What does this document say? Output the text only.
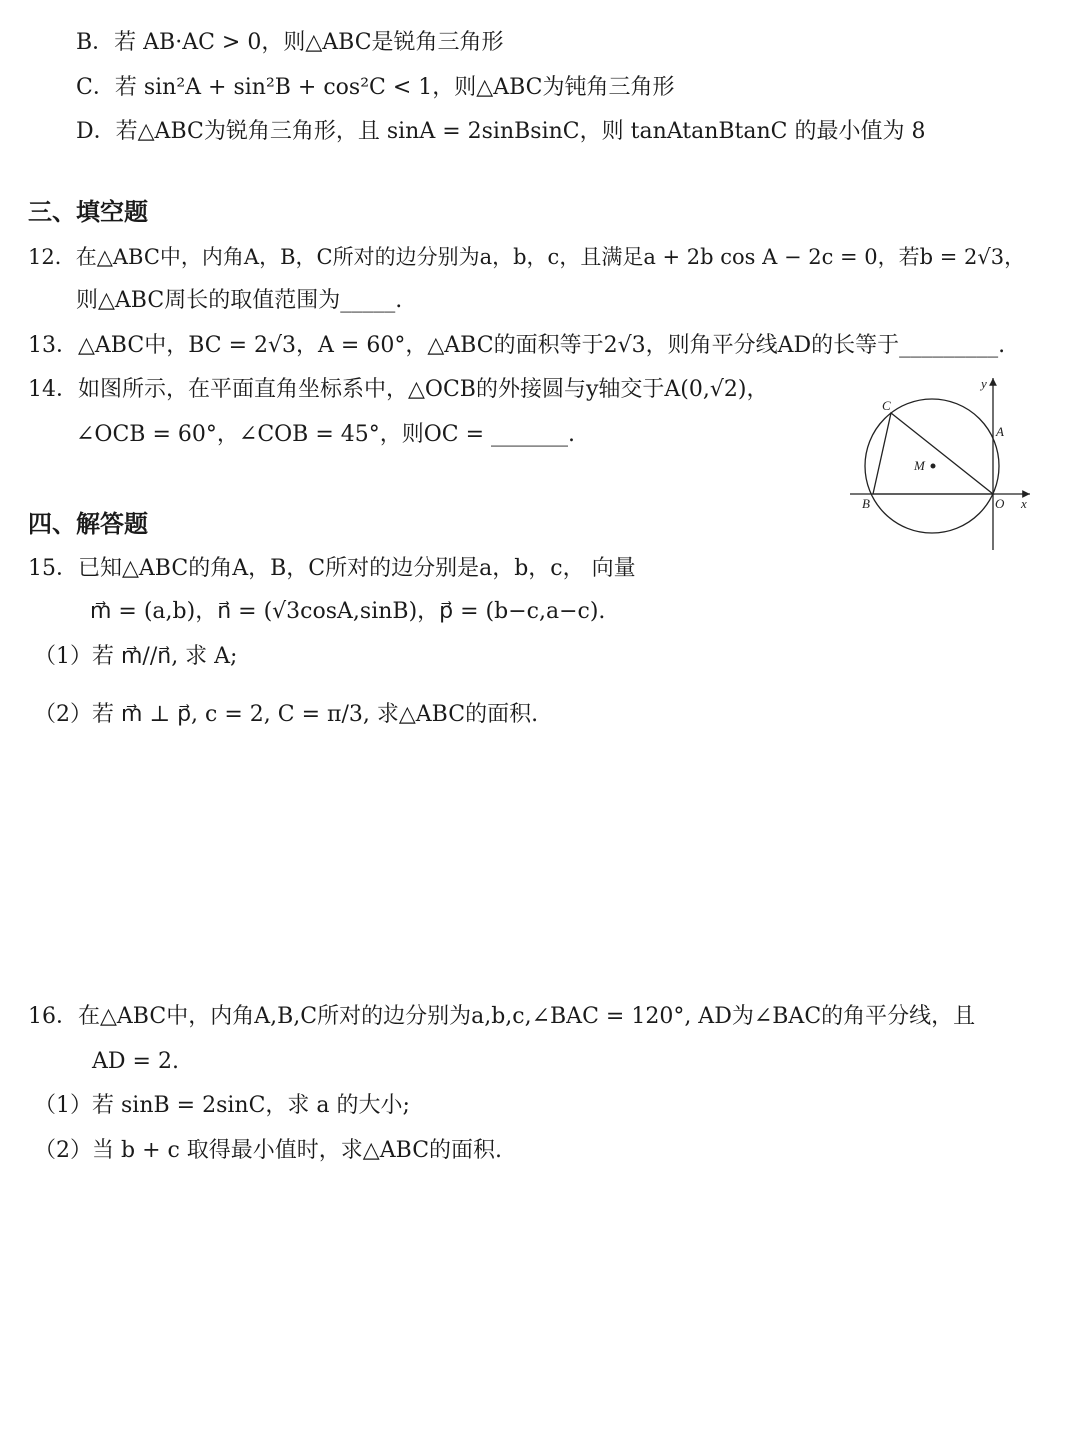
B．若 AB·AC > 0，则△ABC是锐角三角形
C．若 sin²A + sin²B + cos²C < 1，则△ABC为钝角三角形
D．若△ABC为锐角三角形，且 sinA = 2sinBsinC，则 tanAtanBtanC 的最小值为 8
三、填空题
12．在△ABC中，内角A，B，C所对的边分别为a，b，c，且满足a + 2b cos A − 2c = 0，若b = 2√3，
则△ABC周长的取值范围为_____.
13．△ABC中，BC = 2√3，A = 60°，△ABC的面积等于2√3，则角平分线AD的长等于_________.
14．如图所示，在平面直角坐标系中，△OCB的外接圆与y轴交于A(0,√2)，
∠OCB = 60°，∠COB = 45°，则OC = _______.
y
x
A
C
M
B	O
四、解答题
15．已知△ABC的角A，B，C所对的边分别是a，b，c， 向量
m⃗ = (a,b)，n⃗ = (√3cosA,sinB)，p⃗ = (b−c,a−c).
（1）若 m⃗//n⃗, 求 A;
（2）若 m⃗ ⊥ p⃗, c = 2, C = π/3, 求△ABC的面积.
16．在△ABC中，内角A,B,C所对的边分别为a,b,c,∠BAC = 120°, AD为∠BAC的角平分线，且
AD = 2.
（1）若 sinB = 2sinC，求 a 的大小;
（2）当 b + c 取得最小值时，求△ABC的面积.
